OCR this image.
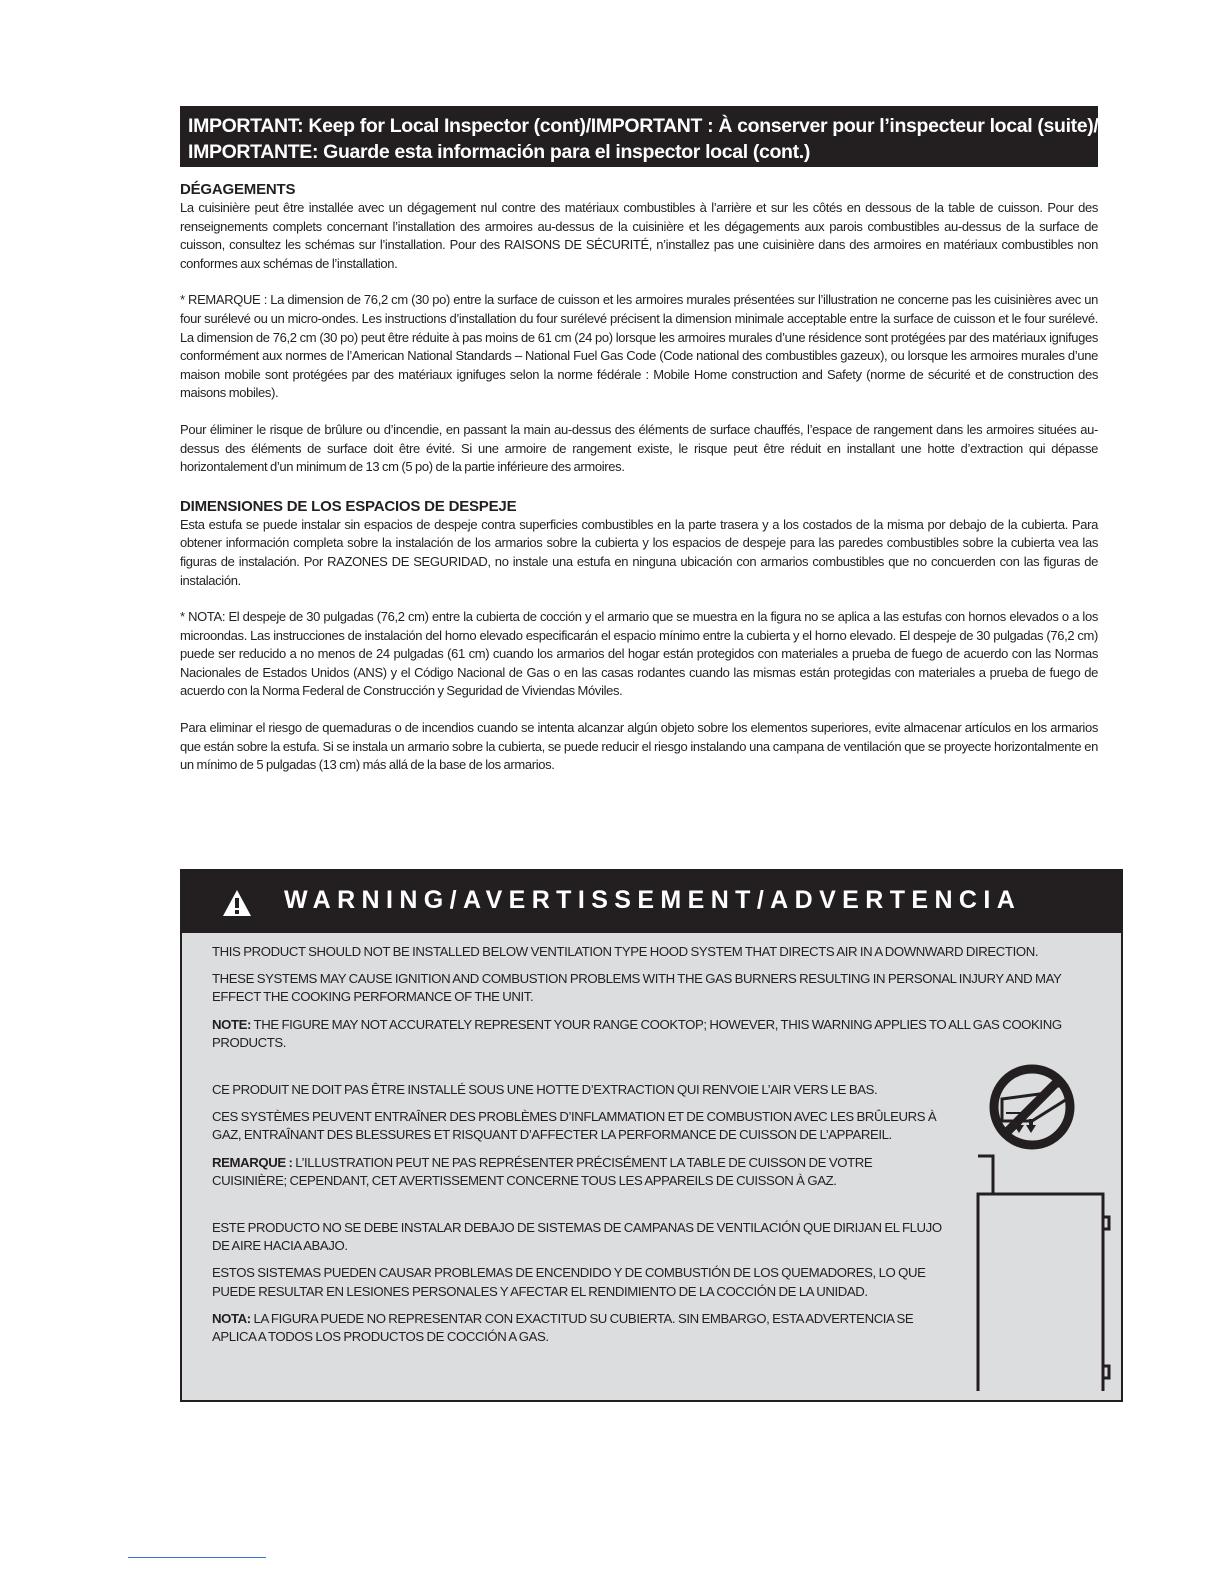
IMPORTANT: Keep for Local Inspector (cont)/IMPORTANT : À conserver pour l’inspecteur local (suite)/
IMPORTANTE: Guarde esta información para el inspector local (cont.)
DÉGAGEMENTS

La cuisinière peut être installée avec un dégagement nul contre des matériaux combustibles à l’arrière et sur les côtés en dessous de la table de cuisson. Pour des renseignements complets concernant l’installation des armoires au-dessus de la cuisinière et les dégagements aux parois combustibles au-dessus de la surface de cuisson, consultez les schémas sur l’installation. Pour des RAISONS DE SÉCURITÉ, n’installez pas une cuisinière dans des armoires en matériaux combustibles non conformes aux schémas de l’installation.

* REMARQUE : La dimension de 76,2 cm (30 po) entre la surface de cuisson et les armoires murales présentées sur l’illustration ne concerne pas les cuisinières avec un four surélevé ou un micro-ondes. Les instructions d’installation du four surélevé précisent la dimension minimale acceptable entre la surface de cuisson et le four surélevé. La dimension de 76,2 cm (30 po) peut être réduite à pas moins de 61 cm (24 po) lorsque les armoires murales d’une résidence sont protégées par des matériaux ignifuges conformément aux normes de l’American National Standards – National Fuel Gas Code (Code national des combustibles gazeux), ou lorsque les armoires murales d’une maison mobile sont protégées par des matériaux ignifuges selon la norme fédérale : Mobile Home construction and Safety (norme de sécurité et de construction des maisons mobiles).

Pour éliminer le risque de brûlure ou d’incendie, en passant la main au-dessus des éléments de surface chauffés, l’espace de rangement dans les armoires situées au-dessus des éléments de surface doit être évité. Si une armoire de rangement existe, le risque peut être réduit en installant une hotte d’extraction qui dépasse horizontalement d’un minimum de 13 cm (5 po) de la partie inférieure des armoires.

DIMENSIONES DE LOS ESPACIOS DE DESPEJE

Esta estufa se puede instalar sin espacios de despeje contra superficies combustibles en la parte trasera y a los costados de la misma por debajo de la cubierta. Para obtener información completa sobre la instalación de los armarios sobre la cubierta y los espacios de despeje para las paredes combustibles sobre la cubierta vea las figuras de instalación. Por RAZONES DE SEGURIDAD, no instale una estufa en ninguna ubicación con armarios combustibles que no concuerden con las figuras de instalación.

* NOTA: El despeje de 30 pulgadas (76,2 cm) entre la cubierta de cocción y el armario que se muestra en la figura no se aplica a las estufas con hornos elevados o a los microondas. Las instrucciones de instalación del horno elevado especificarán el espacio mínimo entre la cubierta y el horno elevado. El despeje de 30 pulgadas (76,2 cm) puede ser reducido a no menos de 24 pulgadas (61 cm) cuando los armarios del hogar están protegidos con materiales a prueba de fuego de acuerdo con las Normas Nacionales de Estados Unidos (ANS) y el Código Nacional de Gas o en las casas rodantes cuando las mismas están protegidas con materiales a prueba de fuego de acuerdo con la Norma Federal de Construcción y Seguridad de Viviendas Móviles.

Para eliminar el riesgo de quemaduras o de incendios cuando se intenta alcanzar algún objeto sobre los elementos superiores, evite almacenar artículos en los armarios que están sobre la estufa. Si se instala un armario sobre la cubierta, se puede reducir el riesgo instalando una campana de ventilación que se proyecte horizontalmente en un mínimo de 5 pulgadas (13 cm) más allá de la base de los armarios.

WARNING/AVERTISSEMENT/ADVERTENCIA

THIS PRODUCT SHOULD NOT BE INSTALLED BELOW VENTILATION TYPE HOOD SYSTEM THAT DIRECTS AIR IN A DOWNWARD DIRECTION.

THESE SYSTEMS MAY CAUSE IGNITION AND COMBUSTION PROBLEMS WITH THE GAS BURNERS RESULTING IN PERSONAL INJURY AND MAY EFFECT THE COOKING PERFORMANCE OF THE UNIT.

NOTE: THE FIGURE MAY NOT ACCURATELY REPRESENT YOUR RANGE COOKTOP; HOWEVER, THIS WARNING APPLIES TO ALL GAS COOKING PRODUCTS.

CE PRODUIT NE DOIT PAS ÊTRE INSTALLÉ SOUS UNE HOTTE D’EXTRACTION QUI RENVOIE L’AIR VERS LE BAS.

CES SYSTÈMES PEUVENT ENTRAÎNER DES PROBLÈMES D’INFLAMMATION ET DE COMBUSTION AVEC LES BRÛLEURS À GAZ, ENTRAÎNANT DES BLESSURES ET RISQUANT D’AFFECTER LA PERFORMANCE DE CUISSON DE L’APPAREIL.

REMARQUE : L’ILLUSTRATION PEUT NE PAS REPRÉSENTER PRÉCISÉMENT LA TABLE DE CUISSON DE VOTRE CUISINIÈRE; CEPENDANT, CET AVERTISSEMENT CONCERNE TOUS LES APPAREILS DE CUISSON À GAZ.

ESTE PRODUCTO NO SE DEBE INSTALAR DEBAJO DE SISTEMAS DE CAMPANAS DE VENTILACIÓN QUE DIRIJAN EL FLUJO DE AIRE HACIA ABAJO.

ESTOS SISTEMAS PUEDEN CAUSAR PROBLEMAS DE ENCENDIDO Y DE COMBUSTIÓN DE LOS QUEMADORES, LO QUE PUEDE RESULTAR EN LESIONES PERSONALES Y AFECTAR EL RENDIMIENTO DE LA COCCIÓN DE LA UNIDAD.

NOTA: LA FIGURA PUEDE NO REPRESENTAR CON EXACTITUD SU CUBIERTA. SIN EMBARGO, ESTA ADVERTENCIA SE APLICA A TODOS LOS PRODUCTOS DE COCCIÓN A GAS.
